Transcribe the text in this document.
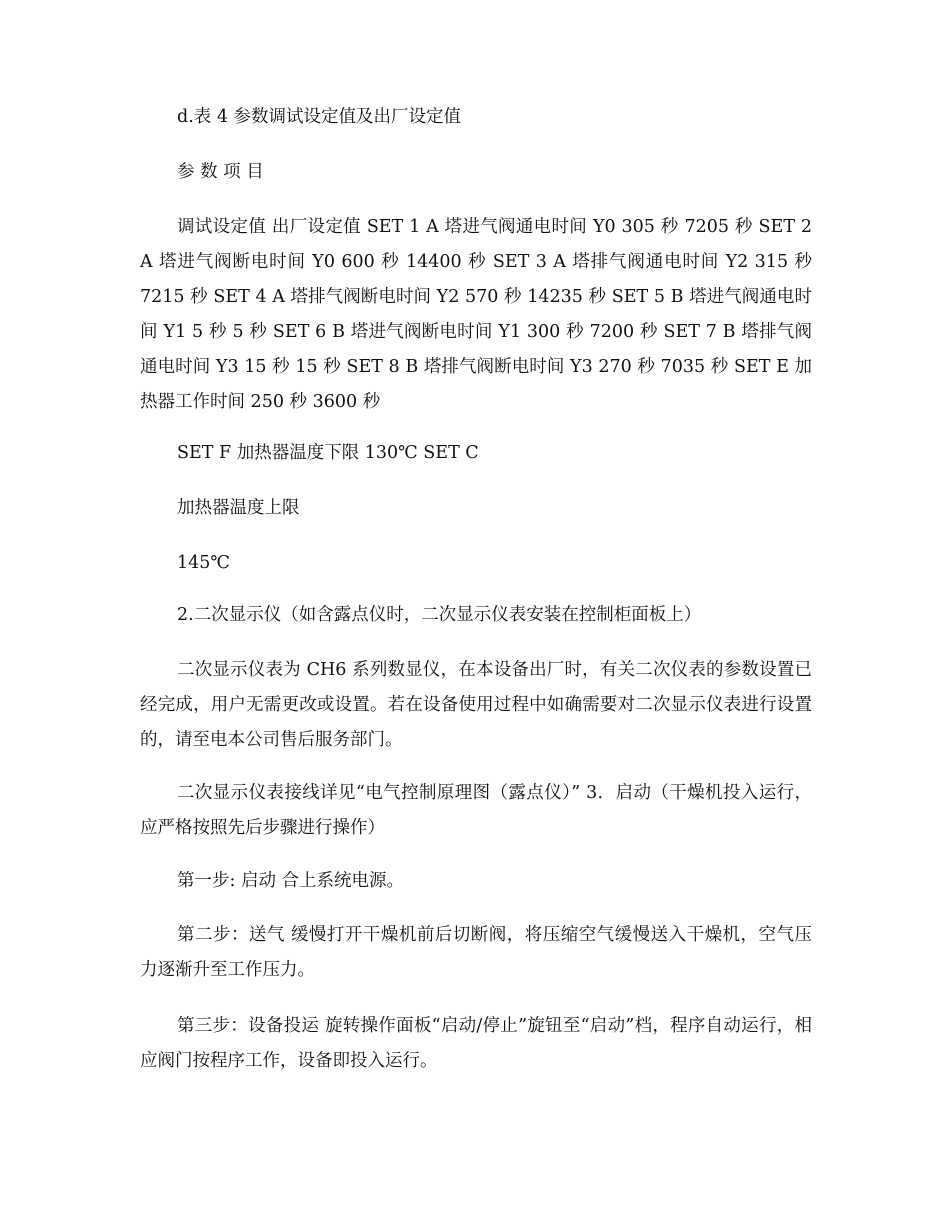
d.表 4 参数调试设定值及出厂设定值

参 数 项 目

调试设定值 出厂设定值 SET 1 A 塔进气阀通电时间 Y0 305 秒 7205 秒 SET 2 A 塔进气阀断电时间 Y0 600 秒 14400 秒 SET 3 A 塔排气阀通电时间 Y2 315 秒 7215 秒 SET 4 A 塔排气阀断电时间 Y2 570 秒 14235 秒 SET 5 B 塔进气阀通电时间 Y1 5 秒 5 秒 SET 6 B 塔进气阀断电时间 Y1 300 秒 7200 秒 SET 7 B 塔排气阀通电时间 Y3 15 秒 15 秒 SET 8 B 塔排气阀断电时间 Y3 270 秒 7035 秒 SET E 加热器工作时间 250 秒 3600 秒

SET F 加热器温度下限 130℃ SET C

加热器温度上限

145℃

2.二次显示仪（如含露点仪时，二次显示仪表安装在控制柜面板上）

二次显示仪表为 CH6 系列数显仪，在本设备出厂时，有关二次仪表的参数设置已经完成，用户无需更改或设置。若在设备使用过程中如确需要对二次显示仪表进行设置的，请至电本公司售后服务部门。

二次显示仪表接线详见“电气控制原理图（露点仪）” 3．启动（干燥机投入运行，应严格按照先后步骤进行操作）

第一步: 启动 合上系统电源。

第二步：送气 缓慢打开干燥机前后切断阀，将压缩空气缓慢送入干燥机，空气压力逐渐升至工作压力。

第三步：设备投运 旋转操作面板“启动/停止”旋钮至“启动”档，程序自动运行，相应阀门按程序工作，设备即投入运行。
